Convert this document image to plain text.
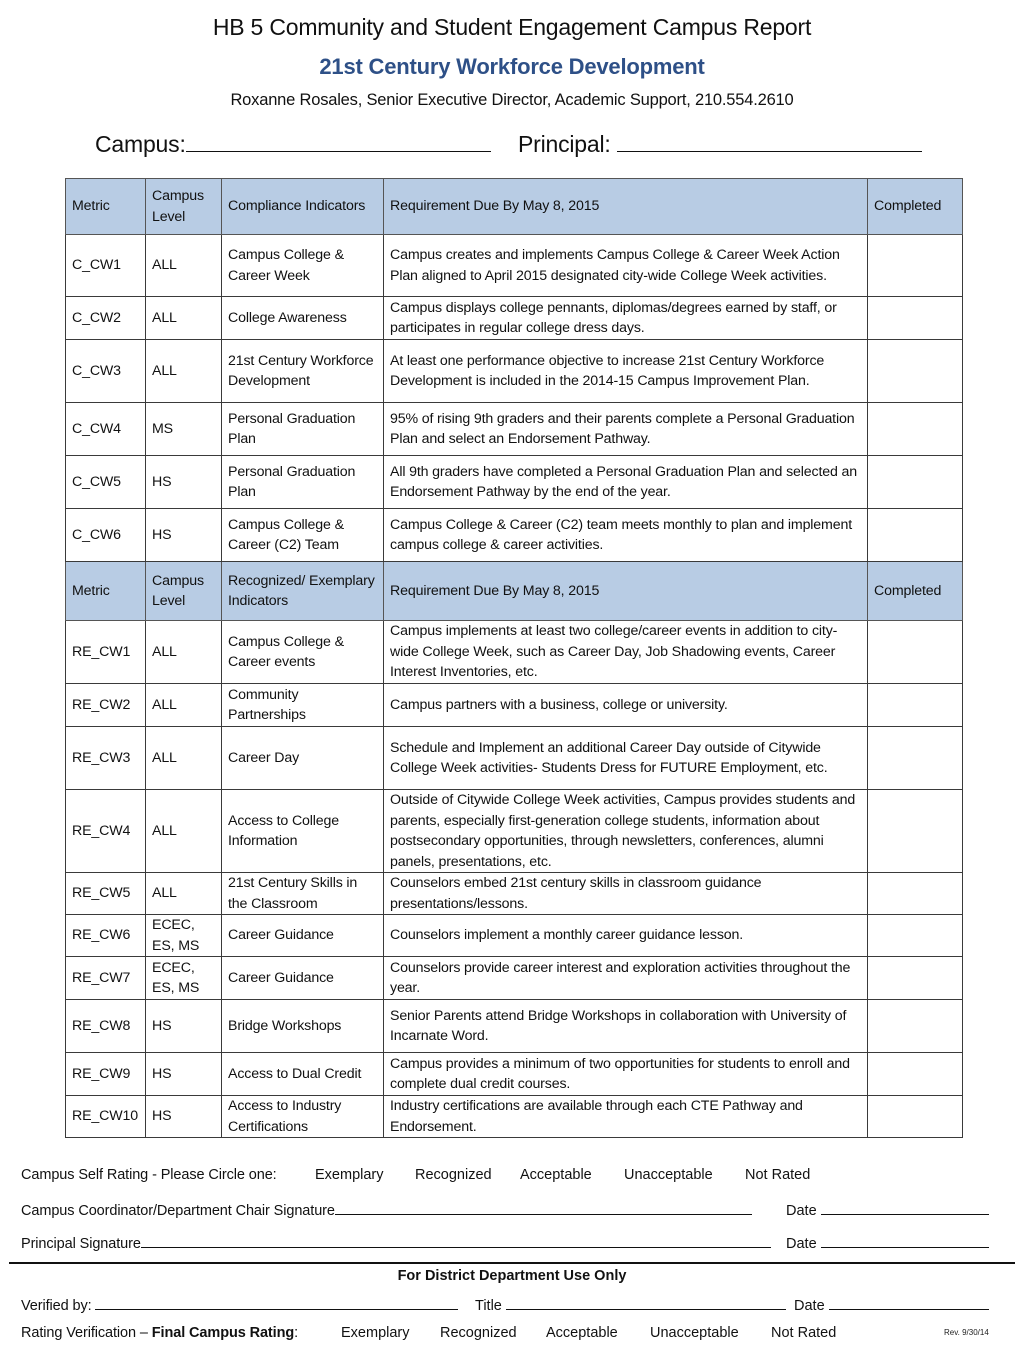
HB 5 Community and Student Engagement Campus Report
21st Century Workforce Development
Roxanne Rosales, Senior Executive Director, Academic Support, 210.554.2610
Campus:	Principal:
Metric	Campus Level	Compliance Indicators	Requirement Due By May 8, 2015	Completed
C_CW1	ALL	Campus College & Career Week	Campus creates and implements Campus College & Career Week Action Plan aligned to April 2015 designated city-wide College Week activities.	
C_CW2	ALL	College Awareness	Campus displays college pennants, diplomas/degrees earned by staff, or participates in regular college dress days.	
C_CW3	ALL	21st Century Workforce Development	At least one performance objective to increase 21st Century Workforce Development is included in the 2014-15 Campus Improvement Plan.	
C_CW4	MS	Personal Graduation Plan	95% of rising 9th graders and their parents complete a Personal Graduation Plan and select an Endorsement Pathway.	
C_CW5	HS	Personal Graduation Plan	All 9th graders have completed a Personal Graduation Plan and selected an Endorsement Pathway by the end of the year.	
C_CW6	HS	Campus College & Career (C2) Team	Campus College & Career (C2) team meets monthly to plan and implement campus college & career activities.	
Metric	Campus Level	Recognized/ Exemplary Indicators	Requirement Due By May 8, 2015	Completed
RE_CW1	ALL	Campus College & Career events	Campus implements at least two college/career events in addition to city-wide College Week, such as Career Day, Job Shadowing events, Career Interest Inventories, etc.	
RE_CW2	ALL	Community Partnerships	Campus partners with a business, college or university.	
RE_CW3	ALL	Career Day	Schedule and Implement an additional Career Day outside of Citywide College Week activities- Students Dress for FUTURE Employment, etc.	
RE_CW4	ALL	Access to College Information	Outside of Citywide College Week activities, Campus provides students and parents, especially first-generation college students, information about postsecondary opportunities, through newsletters, conferences, alumni panels, presentations, etc.	
RE_CW5	ALL	21st Century Skills in the Classroom	Counselors embed 21st century skills in classroom guidance presentations/lessons.	
RE_CW6	ECEC, ES, MS	Career Guidance	Counselors implement a monthly career guidance lesson.	
RE_CW7	ECEC, ES, MS	Career Guidance	Counselors provide career interest and exploration activities throughout the year.	
RE_CW8	HS	Bridge Workshops	Senior Parents attend Bridge Workshops in collaboration with University of Incarnate Word.	
RE_CW9	HS	Access to Dual Credit	Campus provides a minimum of two opportunities for students to enroll and complete dual credit courses.	
RE_CW10	HS	Access to Industry Certifications	Industry certifications are available through each CTE Pathway and Endorsement.	
Campus Self Rating - Please Circle one:	Exemplary Recognized Acceptable Unacceptable Not Rated
Campus Coordinator/Department Chair Signature	Date
Principal Signature	Date
For District Department Use Only
Verified by:	Title	Date
Rating Verification – Final Campus Rating:	Exemplary Recognized Acceptable Unacceptable Not Rated	Rev. 9/30/14
